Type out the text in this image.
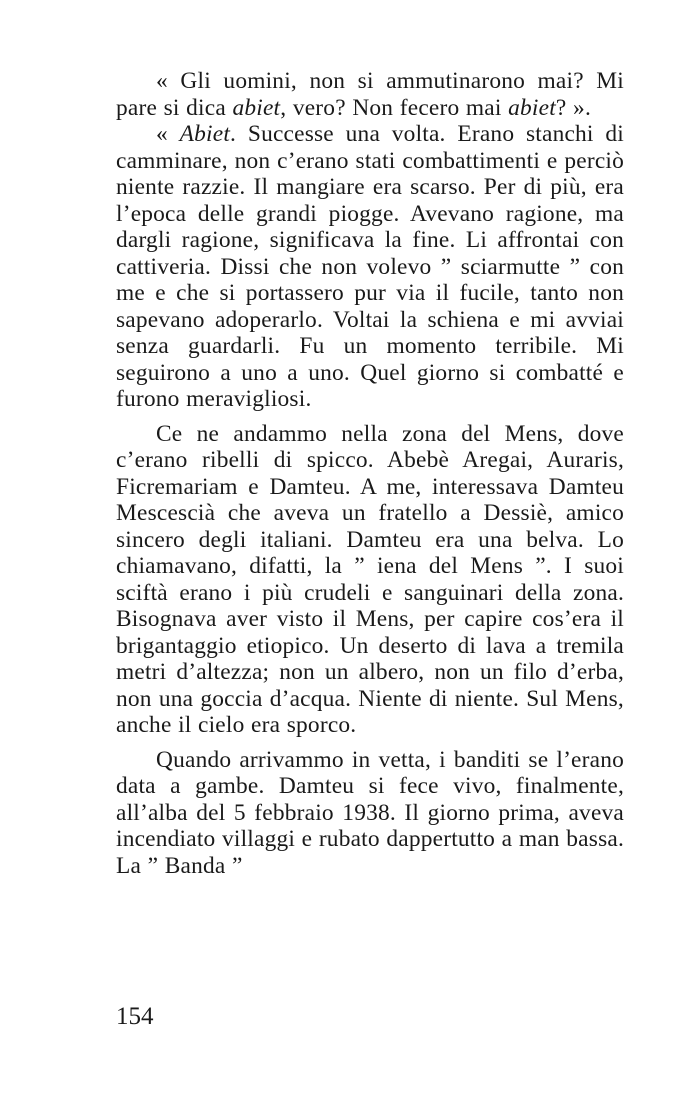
« Gli uomini, non si ammutinarono mai? Mi pare si dica abiet, vero? Non fecero mai abiet? ».

« Abiet. Successe una volta. Erano stanchi di camminare, non c’erano stati combattimenti e perciò niente razzie. Il mangiare era scarso. Per di più, era l’epoca delle grandi piogge. Avevano ragione, ma dargli ragione, significava la fine. Li affrontai con cattiveria. Dissi che non volevo ” sciarmutte ” con me e che si portassero pur via il fucile, tanto non sapevano adoperarlo. Voltai la schiena e mi avviai senza guardarli. Fu un momento terribile. Mi seguirono a uno a uno. Quel giorno si combatté e furono meravigliosi.

Ce ne andammo nella zona del Mens, dove c’erano ribelli di spicco. Abebè Aregai, Auraris, Ficremariam e Damteu. A me, interessava Damteu Mescescià che aveva un fratello a Dessiè, amico sincero degli italiani. Damteu era una belva. Lo chiamavano, difatti, la ” iena del Mens ”. I suoi sciftà erano i più crudeli e sanguinari della zona. Bisognava aver visto il Mens, per capire cos’era il brigantaggio etiopico. Un deserto di lava a tremila metri d’altezza; non un albero, non un filo d’erba, non una goccia d’acqua. Niente di niente. Sul Mens, anche il cielo era sporco.

Quando arrivammo in vetta, i banditi se l’erano data a gambe. Damteu si fece vivo, finalmente, all’alba del 5 febbraio 1938. Il giorno prima, aveva incendiato villaggi e rubato dappertutto a man bassa. La ” Banda ”

154
